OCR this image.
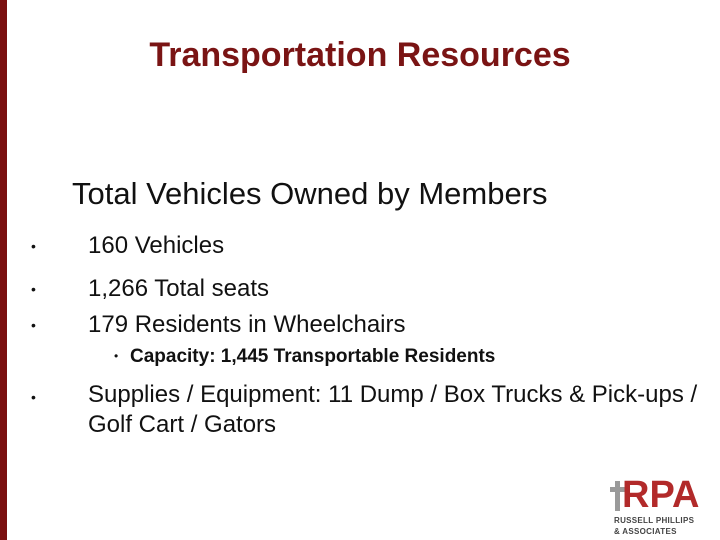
Transportation Resources
Total Vehicles Owned by Members
• 160 Vehicles
• 1,266 Total seats
• 179 Residents in Wheelchairs
• Capacity: 1,445 Transportable Residents
• Supplies / Equipment: 11 Dump / Box Trucks & Pick-ups / Golf Cart / Gators
RPA
RUSSELL PHILLIPS
& ASSOCIATES
